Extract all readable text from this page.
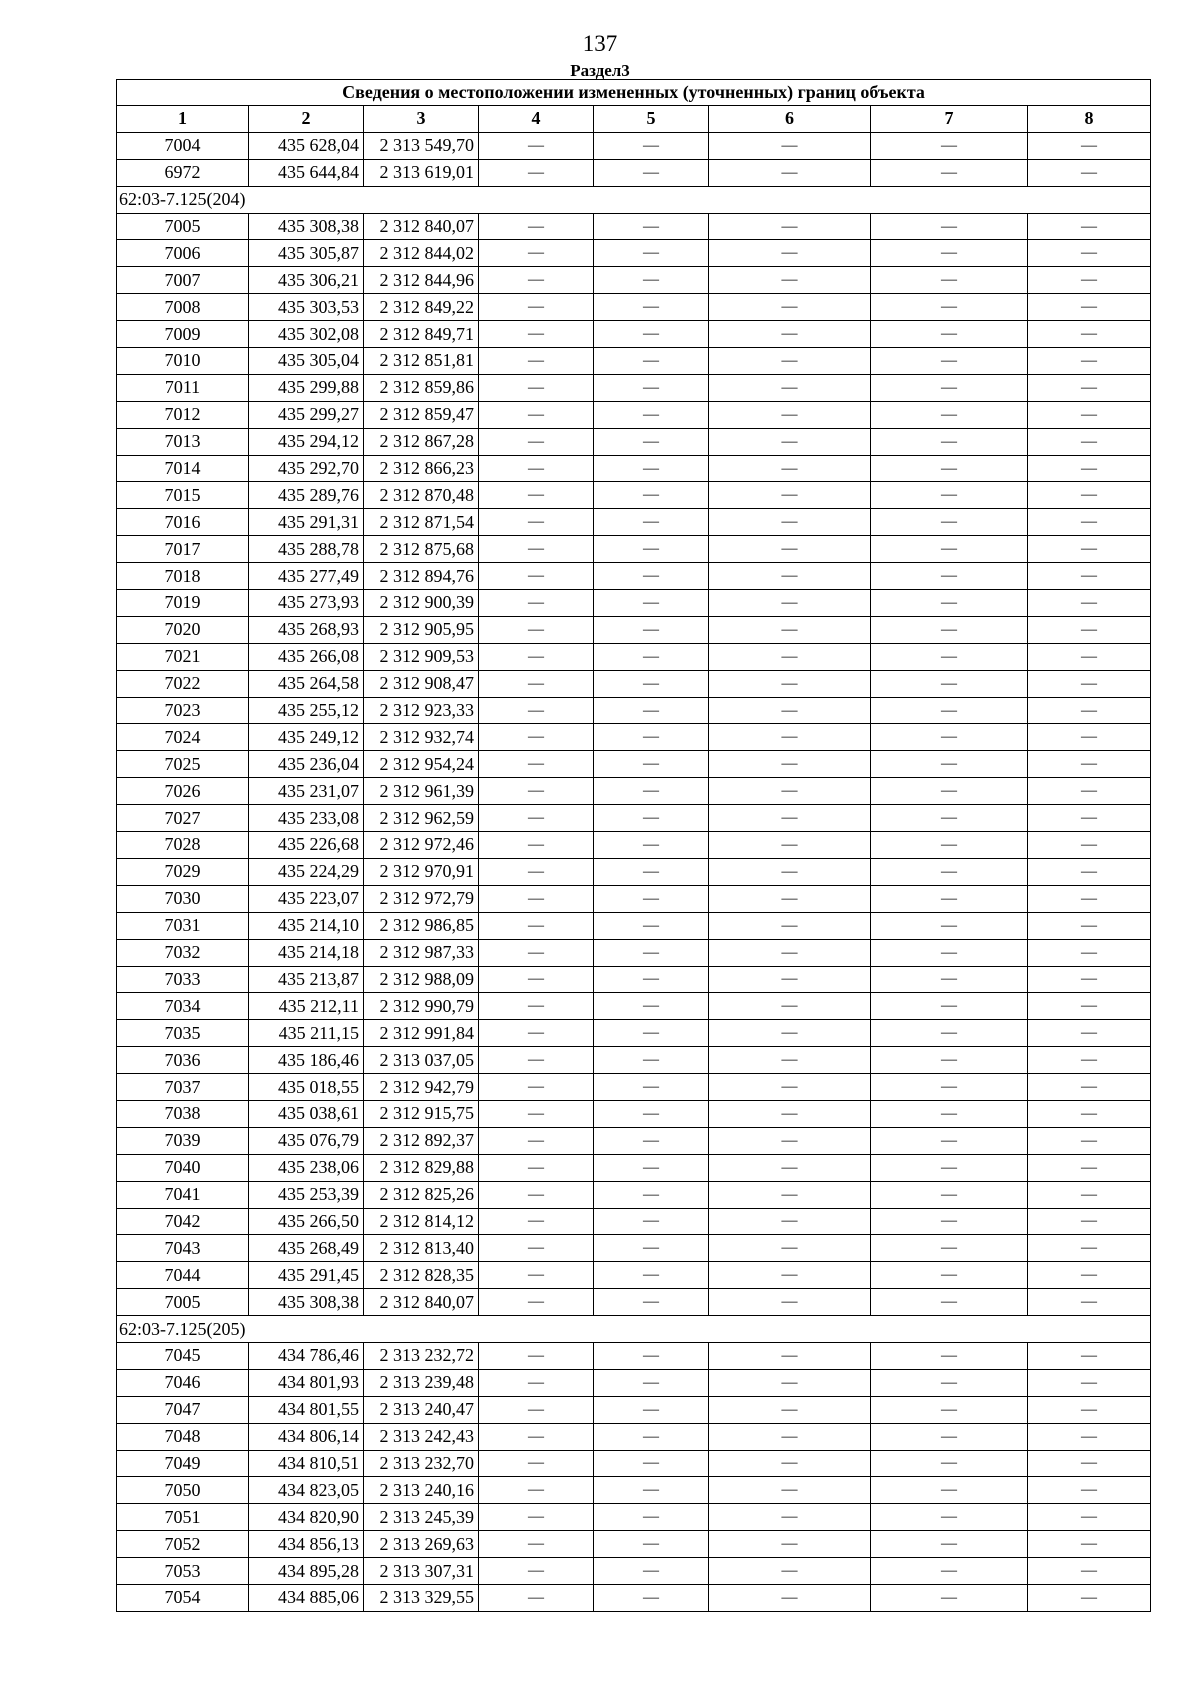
137
Раздел3
Сведения о местоположении измененных (уточненных) границ объекта							
1	2	3	4	5	6	7	8
7004	435 628,04	2 313 549,70	—	—	—	—	—
6972	435 644,84	2 313 619,01	—	—	—	—	—
62:03-7.125(204)							
7005	435 308,38	2 312 840,07	—	—	—	—	—
7006	435 305,87	2 312 844,02	—	—	—	—	—
7007	435 306,21	2 312 844,96	—	—	—	—	—
7008	435 303,53	2 312 849,22	—	—	—	—	—
7009	435 302,08	2 312 849,71	—	—	—	—	—
7010	435 305,04	2 312 851,81	—	—	—	—	—
7011	435 299,88	2 312 859,86	—	—	—	—	—
7012	435 299,27	2 312 859,47	—	—	—	—	—
7013	435 294,12	2 312 867,28	—	—	—	—	—
7014	435 292,70	2 312 866,23	—	—	—	—	—
7015	435 289,76	2 312 870,48	—	—	—	—	—
7016	435 291,31	2 312 871,54	—	—	—	—	—
7017	435 288,78	2 312 875,68	—	—	—	—	—
7018	435 277,49	2 312 894,76	—	—	—	—	—
7019	435 273,93	2 312 900,39	—	—	—	—	—
7020	435 268,93	2 312 905,95	—	—	—	—	—
7021	435 266,08	2 312 909,53	—	—	—	—	—
7022	435 264,58	2 312 908,47	—	—	—	—	—
7023	435 255,12	2 312 923,33	—	—	—	—	—
7024	435 249,12	2 312 932,74	—	—	—	—	—
7025	435 236,04	2 312 954,24	—	—	—	—	—
7026	435 231,07	2 312 961,39	—	—	—	—	—
7027	435 233,08	2 312 962,59	—	—	—	—	—
7028	435 226,68	2 312 972,46	—	—	—	—	—
7029	435 224,29	2 312 970,91	—	—	—	—	—
7030	435 223,07	2 312 972,79	—	—	—	—	—
7031	435 214,10	2 312 986,85	—	—	—	—	—
7032	435 214,18	2 312 987,33	—	—	—	—	—
7033	435 213,87	2 312 988,09	—	—	—	—	—
7034	435 212,11	2 312 990,79	—	—	—	—	—
7035	435 211,15	2 312 991,84	—	—	—	—	—
7036	435 186,46	2 313 037,05	—	—	—	—	—
7037	435 018,55	2 312 942,79	—	—	—	—	—
7038	435 038,61	2 312 915,75	—	—	—	—	—
7039	435 076,79	2 312 892,37	—	—	—	—	—
7040	435 238,06	2 312 829,88	—	—	—	—	—
7041	435 253,39	2 312 825,26	—	—	—	—	—
7042	435 266,50	2 312 814,12	—	—	—	—	—
7043	435 268,49	2 312 813,40	—	—	—	—	—
7044	435 291,45	2 312 828,35	—	—	—	—	—
7005	435 308,38	2 312 840,07	—	—	—	—	—
62:03-7.125(205)							
7045	434 786,46	2 313 232,72	—	—	—	—	—
7046	434 801,93	2 313 239,48	—	—	—	—	—
7047	434 801,55	2 313 240,47	—	—	—	—	—
7048	434 806,14	2 313 242,43	—	—	—	—	—
7049	434 810,51	2 313 232,70	—	—	—	—	—
7050	434 823,05	2 313 240,16	—	—	—	—	—
7051	434 820,90	2 313 245,39	—	—	—	—	—
7052	434 856,13	2 313 269,63	—	—	—	—	—
7053	434 895,28	2 313 307,31	—	—	—	—	—
7054	434 885,06	2 313 329,55	—	—	—	—	—
